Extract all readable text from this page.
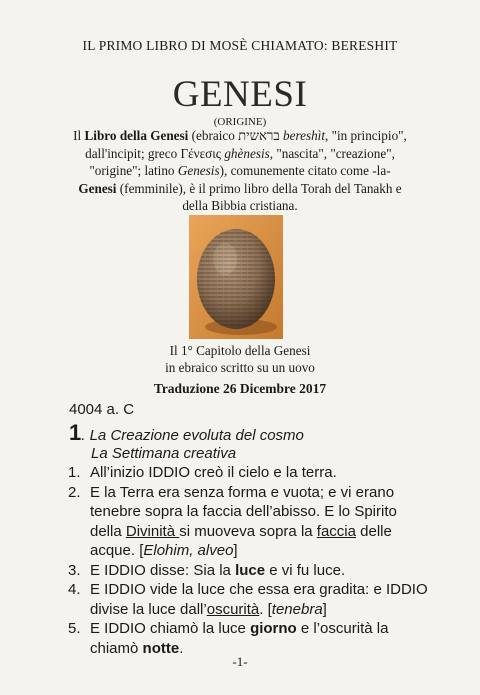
IL PRIMO LIBRO DI MOSÈ CHIAMATO: BERESHIT
GENESI
(ORIGINE)
Il Libro della Genesi (ebraico בראשית bereshìt, "in principio", dall'incipit; greco Γένεσις ghènesis, "nascita", "creazione", "origine"; latino Genesis), comunemente citato come -la- Genesi (femminile), è il primo libro della Torah del Tanakh e della Bibbia cristiana.
Il 1° Capitolo della Genesi
in ebraico scritto su un uovo
Traduzione 26 Dicembre 2017
4004 a. C
1. La Creazione evoluta del cosmo
La Settimana creativa
1. All’inizio IDDIO creò il cielo e la terra.
2. E la Terra era senza forma e vuota; e vi erano tenebre sopra la faccia dell’abisso. E lo Spirito della Divinità si muoveva sopra la faccia delle acque. [Elohim, alveo]
3. E IDDIO disse: Sia la luce e vi fu luce.
4. E IDDIO vide la luce che essa era gradita: e IDDIO divise la luce dall’oscurità. [tenebra]
5. E IDDIO chiamò la luce giorno e l’oscurità la chiamò notte.
-1-
